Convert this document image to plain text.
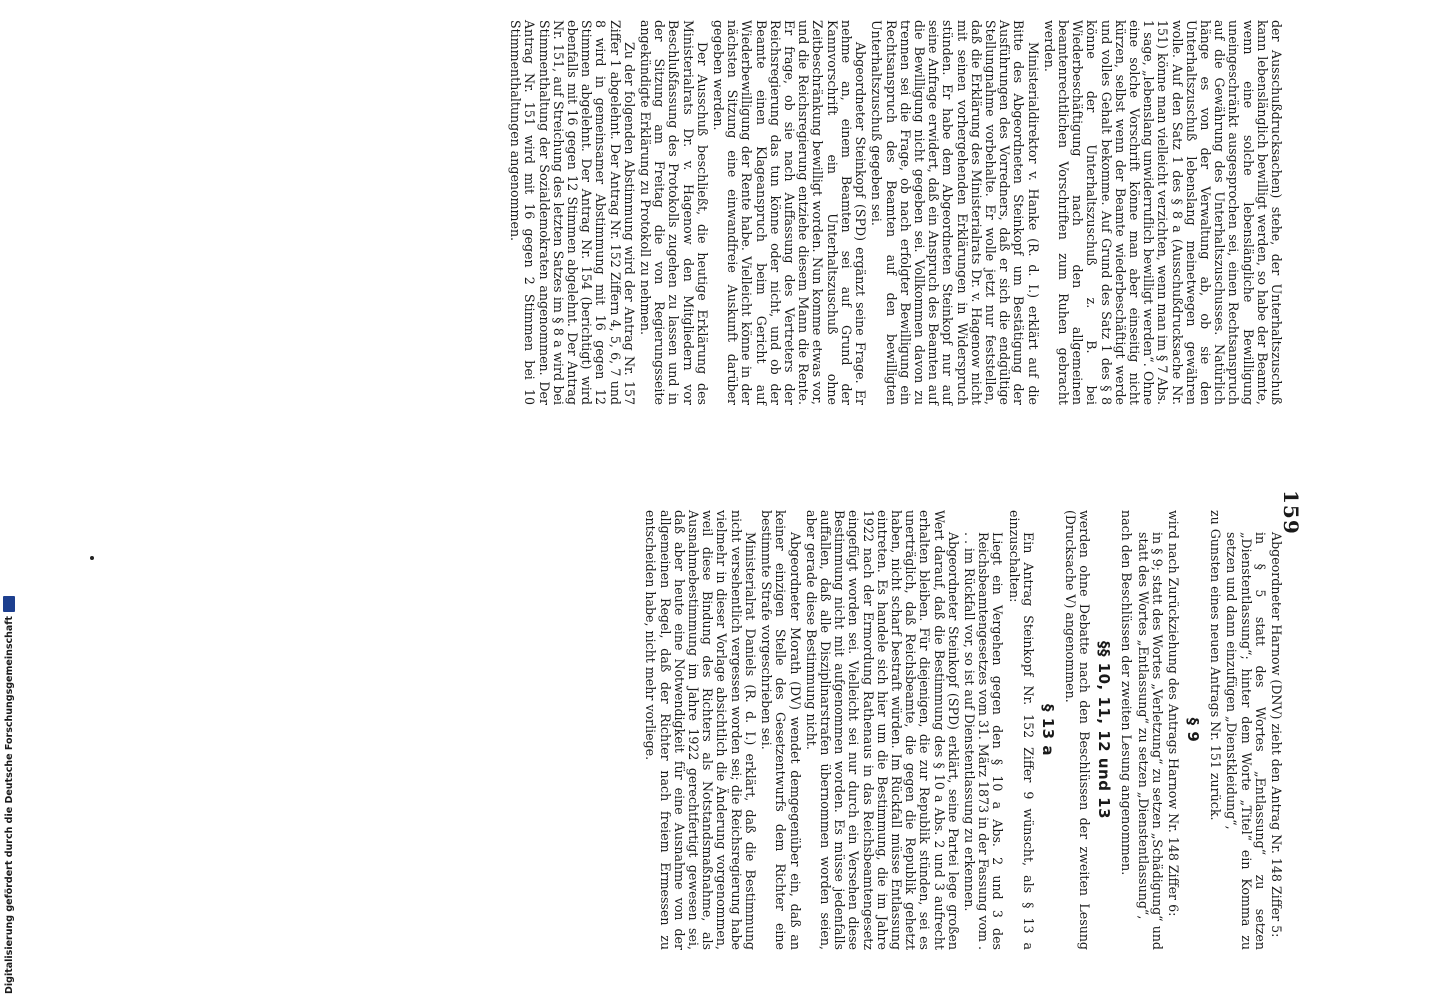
159

der Ausschußdrucksachen) stehe, der Unterhaltszuschuß kann lebenslänglich bewilligt werden, so habe der Beamte, wenn eine solche lebenslängliche Bewilligung uneingeschränkt ausgesprochen sei, einen Rechtsanspruch auf die Gewährung des Unterhaltszuschusses. Natürlich hänge es von der Verwaltung ab, ob sie den Unterhaltszuschuß lebenslang meinetwegen gewähren wolle. Auf den Satz 1 des § 8 a (Ausschußdrucksache Nr. 151) könne man vielleicht verzichten, wenn man im § 7 Abs. 1 sage, „lebenslang unwiderruflich bewilligt werden“. Ohne eine solche Vorschrift könne man aber einseitig nicht kürzen, selbst wenn der Beamte wiederbeschäftigt werde und volles Gehalt bekomme. Auf Grund des Satz 1 des § 8 könne der Unterhaltszuschuß z. B. bei Wiederbeschäftigung nach den allgemeinen beamtenrechtlichen Vorschriften zum Ruhen gebracht werden.

Ministerialdirektor v. Hanke (R. d. I.) erklärt auf die Bitte des Abgeordneten Steinkopf um Bestätigung der Ausführungen des Vorredners, daß er sich die endgültige Stellungnahme vorbehalte. Er wolle jetzt nur feststellen, daß die Erklärung des Ministerialrats Dr. v. Hagenow nicht mit seinen vorhergehenden Erklärungen in Widerspruch stünden. Er habe dem Abgeordneten Steinkopf nur auf seine Anfrage erwidert, daß ein Anspruch des Beamten auf die Bewilligung nicht gegeben sei. Vollkommen davon zu trennen sei die Frage, ob nach erfolgter Bewilligung ein Rechtsanspruch des Beamten auf den bewilligten Unterhaltszuschuß gegeben sei.

Abgeordneter Steinkopf (SPD) ergänzt seine Frage. Er nehme an, einem Beamten sei auf Grund der Kannvorschrift ein Unterhaltszuschuß ohne Zeitbeschränkung bewilligt worden. Nun komme etwas vor, und die Reichsregierung entziehe diesem Mann die Rente. Er frage, ob sie nach Auffassung des Vertreters der Reichsregierung das tun könne oder nicht, und ob der Beamte einen Klageanspruch beim Gericht auf Wiederbewilligung der Rente habe. Vielleicht könne in der nächsten Sitzung eine einwandfreie Auskunft darüber gegeben werden.

Der Ausschuß beschließt, die heutige Erklärung des Ministerialrats Dr. v. Hagenow den Mitgliedern vor Beschlußfassung des Protokolls zugehen zu lassen und in der Sitzung am Freitag die von Regierungsseite angekündigte Erklärung zu Protokoll zu nehmen.

Zu der folgenden Abstimmung wird der Antrag Nr. 157 Ziffer 1 abgelehnt. Der Antrag Nr. 152 Ziffern 4, 5, 6, 7 und 8 wird in gemeinsamer Abstimmung mit 16 gegen 12 Stimmen abgelehnt. Der Antrag Nr. 154 (berichtigt) wird ebenfalls mit 16 gegen 12 Stimmen abgelehnt. Der Antrag Nr. 151, auf Streichung des letzten Satzes im § 8 a wird bei Stimmenthaltung der Sozialdemokraten angenommen. Der Antrag Nr. 151 wird mit 16 gegen 2 Stimmen bei 10 Stimmenthaltungen angenommen.

Abgeordneter Harnow (DNV) zieht den Antrag Nr. 148 Ziffer 5:

in § 5 statt des Wortes „Entlassung“ zu setzen „Dienstentlassung“; hinter dem Worte „Titel“ ein Komma zu setzen und dann einzufügen „Dienstkleidung“,

zu Gunsten eines neuen Antrags Nr. 151 zurück.

§ 9

wird nach Zurückziehung des Antrags Harnow Nr. 148 Ziffer 6:

in § 9; statt des Wortes „Verletzung“ zu setzen „Schädigung“ und statt des Wortes „Entlassung“ zu setzen „Dienstentlassung“,

nach den Beschlüssen der zweiten Lesung angenommen.

§§ 10, 11, 12 und 13

werden ohne Debatte nach den Beschlüssen der zweiten Lesung (Drucksache V) angenommen.

§ 13 a

Ein Antrag Steinkopf Nr. 152 Ziffer 9 wünscht, als § 13 a einzuschalten:

Liegt ein Vergehen gegen den § 10 a Abs. 2 und 3 des Reichsbeamtengesetzes vom 31. März 1873 in der Fassung vom . . . im Rückfall vor, so ist auf Dienstentlassung zu erkennen.

Abgeordneter Steinkopf (SPD) erklärt, seine Partei lege großen Wert darauf, daß die Bestimmung des § 10 a Abs. 2 und 3 aufrecht erhalten bleiben. Für diejenigen, die zur Republik stünden, sei es unerträglich, daß Reichsbeamte, die gegen die Republik gehetzt haben, nicht scharf bestraft würden. Im Rückfall müsse Entlassung eintreten. Es handele sich hier um die Bestimmung, die im Jahre 1922 nach der Ermordung Rathenaus in das Reichsbeamtengesetz eingefügt worden sei. Vielleicht sei nur durch ein Versehen diese Bestimmung nicht mit aufgenommen worden. Es müsse jedenfalls auffallen, daß alle Disziplinarstrafen übernommen worden seien, aber gerade diese Bestimmung nicht.

Abgeordneter Morath (DV) wendet demgegenüber ein, daß an keiner einzigen Stelle des Gesetzentwurfs dem Richter eine bestimmte Strafe vorgeschrieben sei.

Ministerialrat Daniels (R. d. I.) erklärt, daß die Bestimmung nicht versehentlich vergessen worden sei; die Reichsregierung habe vielmehr in dieser Vorlage absichtlich die Änderung vorgenommen, weil diese Bindung des Richters als Notstandsmaßnahme, als Ausnahmebestimmung im Jahre 1922 gerechtfertigt gewesen sei, daß aber heute eine Notwendigkeit für eine Ausnahme von der allgemeinen Regel, daß der Richter nach freiem Ermessen zu entscheiden habe, nicht mehr vorliege.

Digitalisierung gefördert durch die Deutsche Forschungsgemeinschaft
